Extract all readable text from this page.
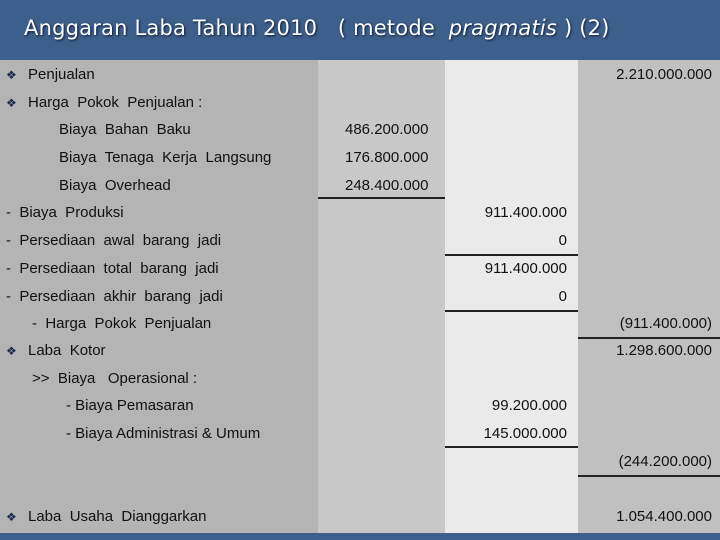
Anggaran Laba Tahun 2010   ( metode  pragmatis ) (2)
❖ Penjualan	2.210.000.000
❖ Harga  Pokok  Penjualan :
Biaya  Bahan  Baku	486.200.000
Biaya  Tenaga  Kerja  Langsung	176.800.000
Biaya  Overhead	248.400.000
-  Biaya  Produksi	911.400.000
-  Persediaan  awal  barang  jadi	0
-  Persediaan  total  barang  jadi	911.400.000
-  Persediaan  akhir  barang  jadi	0
-  Harga  Pokok  Penjualan	(911.400.000)
❖ Laba  Kotor	1.298.600.000
>>  Biaya   Operasional :
- Biaya Pemasaran	99.200.000
- Biaya Administrasi & Umum	145.000.000
(244.200.000)
❖ Laba  Usaha  Dianggarkan	1.054.400.000
